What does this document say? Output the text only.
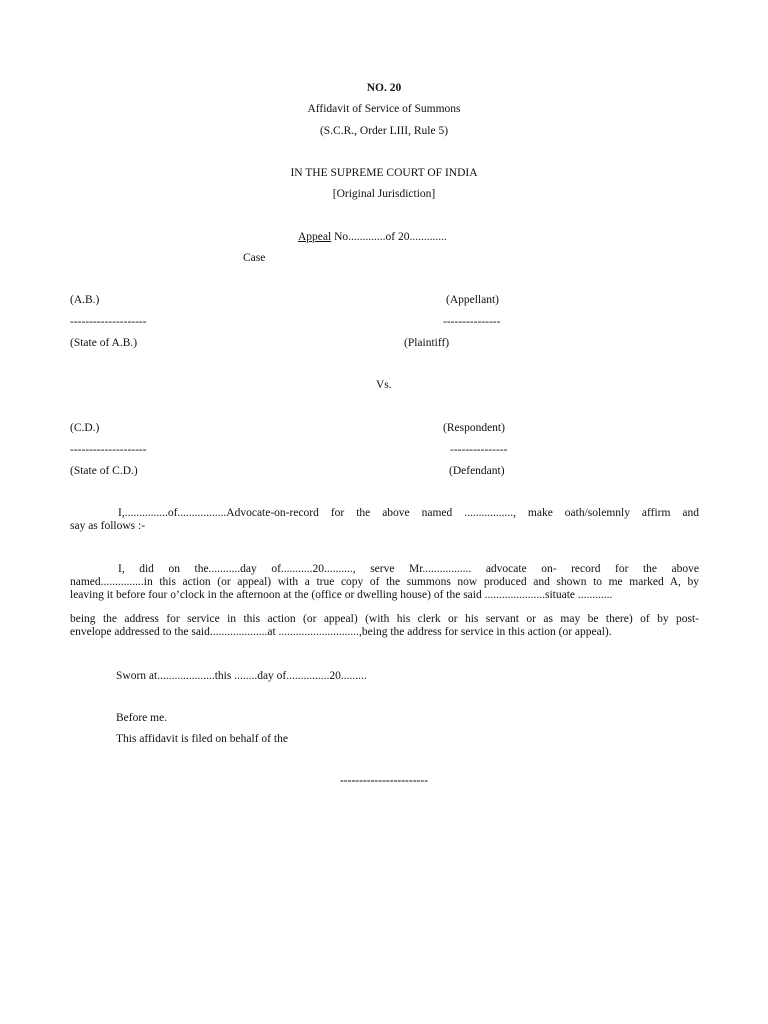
NO. 20
Affidavit of Service of Summons
(S.C.R., Order LIII, Rule 5)
IN THE SUPREME COURT OF INDIA
[Original Jurisdiction]
Appeal No.............of 20.............
Case
(A.B.)	(Appellant)
--------------------	---------------
(State of A.B.)	(Plaintiff)
Vs.
(C.D.)	(Respondent)
--------------------	---------------
(State of C.D.)	(Defendant)
I,...............of.................Advocate-on-record for the above named ................., make oath/solemnly affirm and
say as follows :-
I, did on the...........day of...........20.........., serve Mr................. advocate on- record for the above
named...............in this action (or appeal) with a true copy of the summons now produced and shown to me marked A, by
leaving it before four o’clock in the afternoon at the (office or dwelling house) of the said .....................situate ............
being the address for service in this action (or appeal) (with his clerk or his servant or as may be there) of by post-
envelope addressed to the said....................at ............................,being the address for service in this action (or appeal).
Sworn at....................this ........day of...............20.........
Before me.
This affidavit is filed on behalf of the
-----------------------
